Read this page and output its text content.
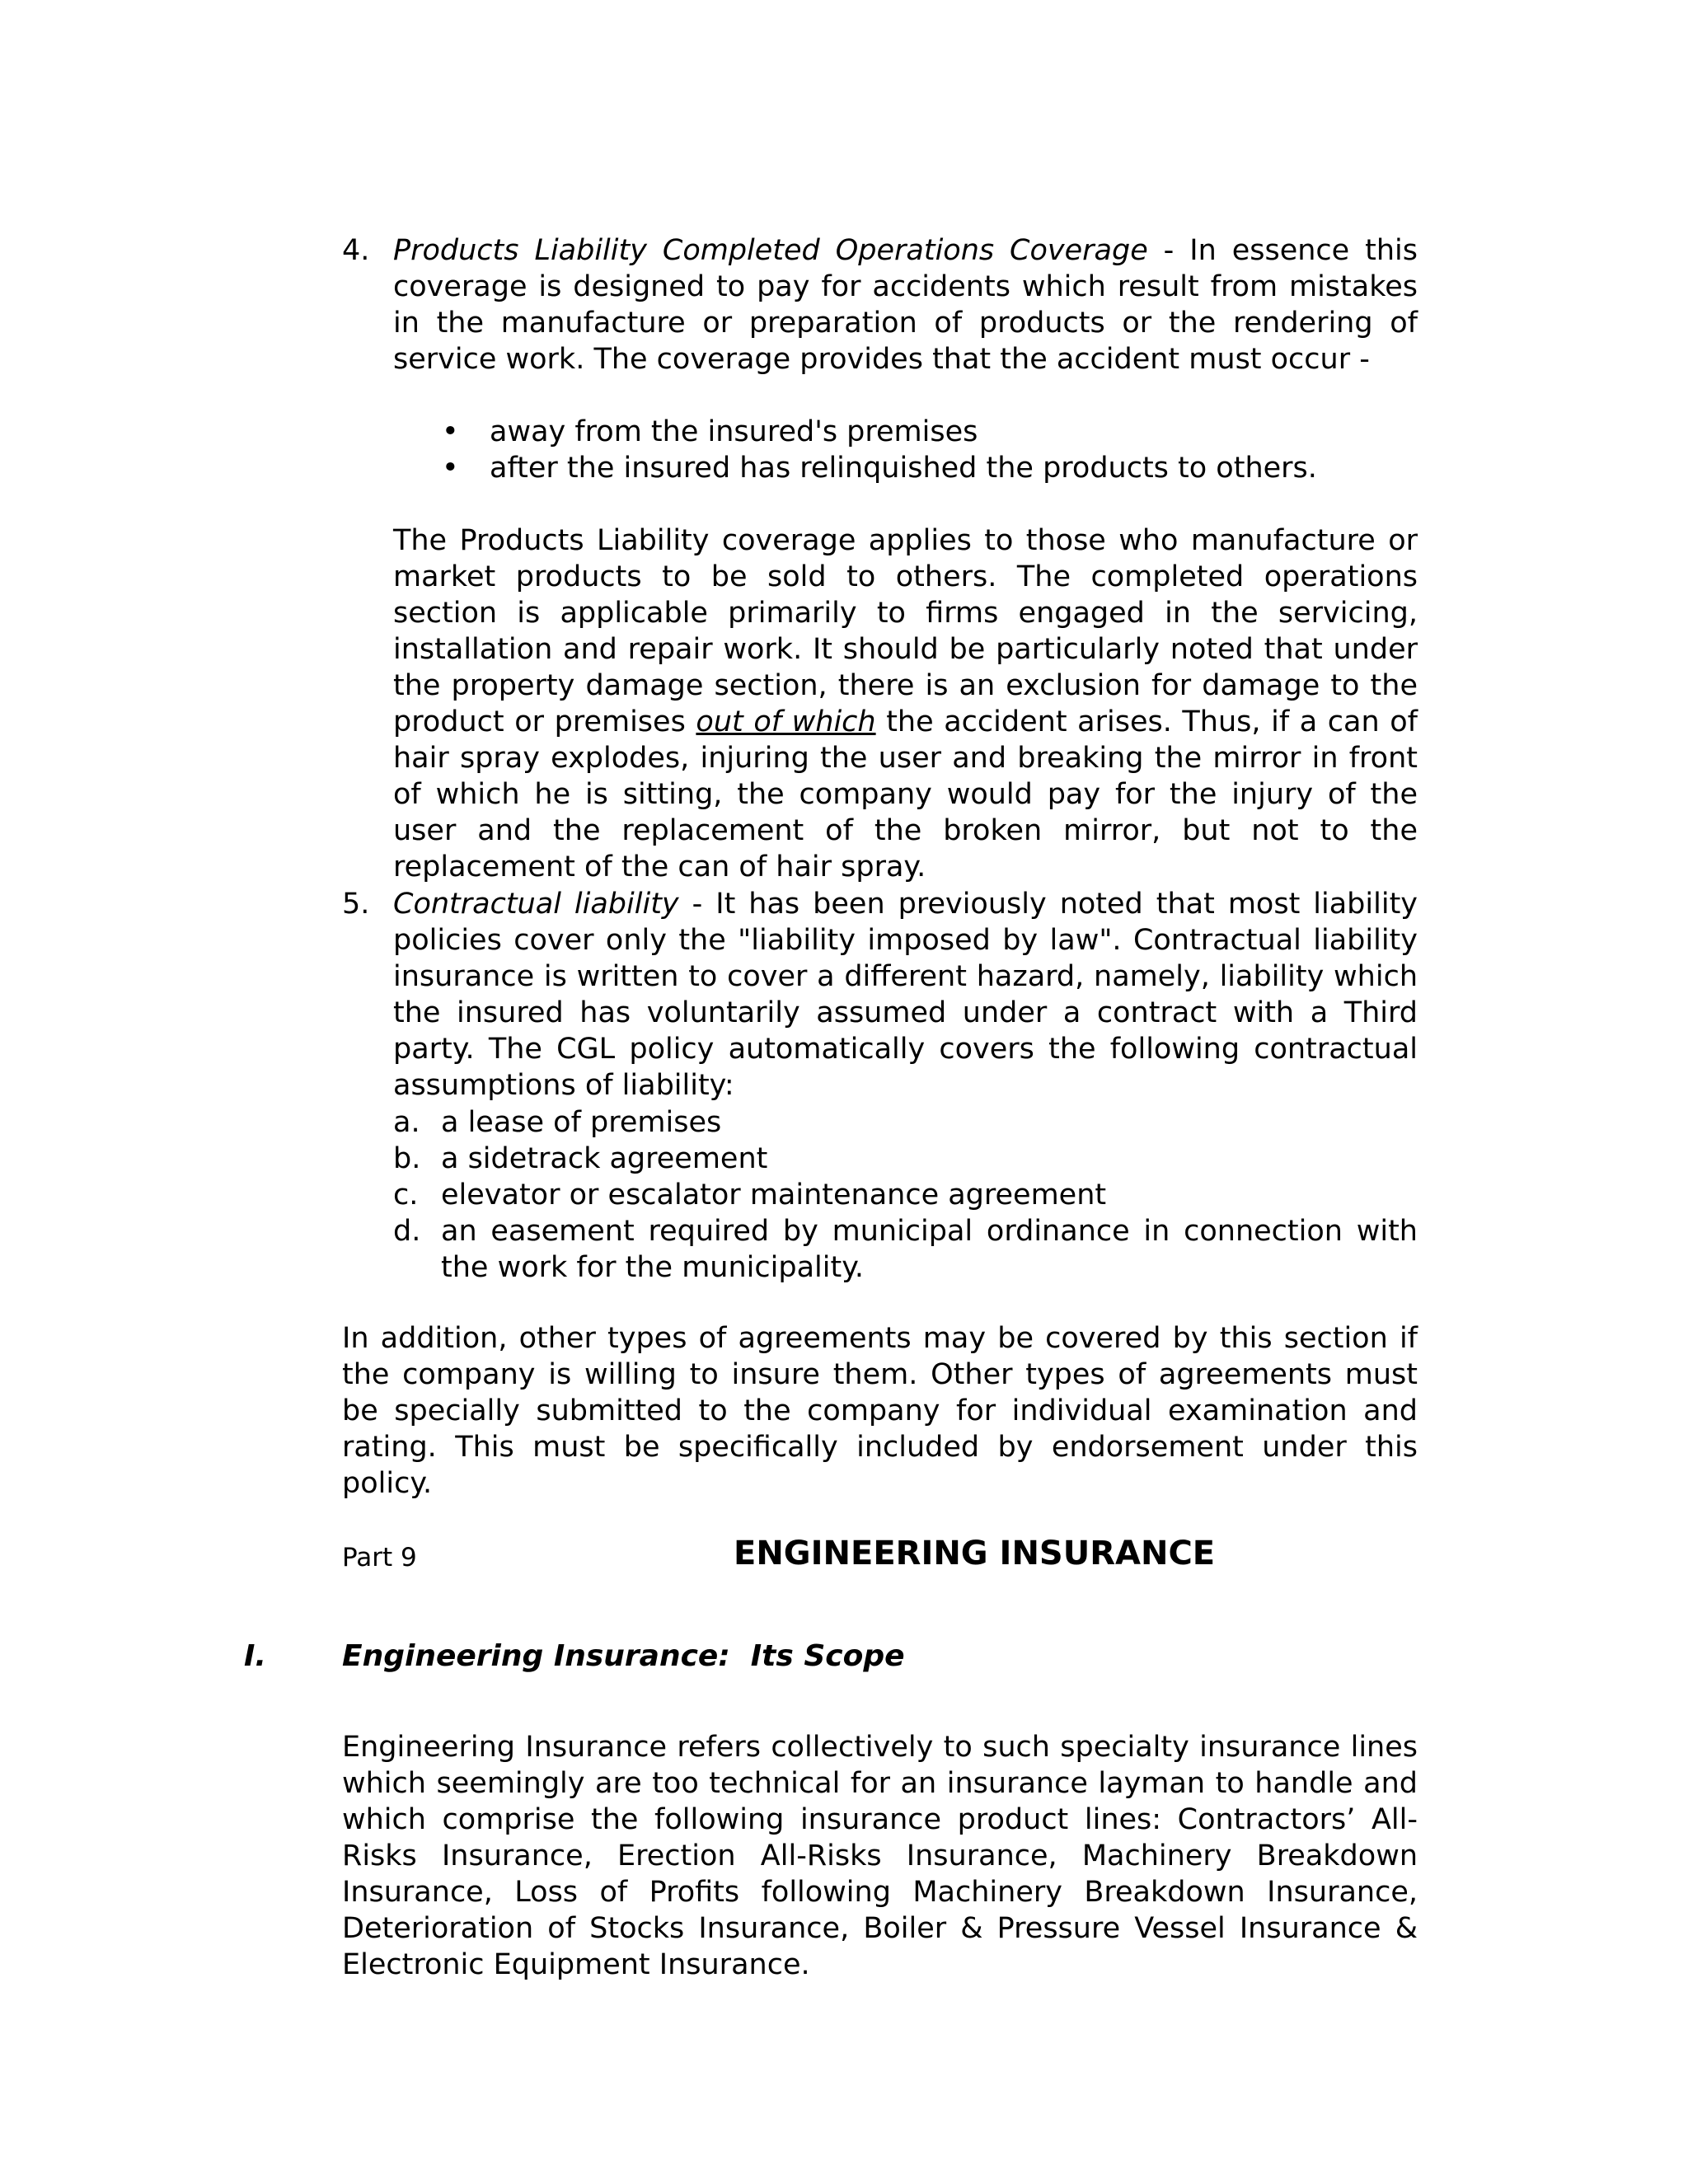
4. Products Liability Completed Operations Coverage - In essence this coverage is designed to pay for accidents which result from mistakes in the manufacture or preparation of products or the rendering of service work. The coverage provides that the accident must occur -
•	away from the insured's premises
•	after the insured has relinquished the products to others.
The Products Liability coverage applies to those who manufacture or market products to be sold to others. The completed operations section is applicable primarily to firms engaged in the servicing, installation and repair work. It should be particularly noted that under the property damage section, there is an exclusion for damage to the product or premises out of which the accident arises. Thus, if a can of hair spray explodes, injuring the user and breaking the mirror in front of which he is sitting, the company would pay for the injury of the user and the replacement of the broken mirror, but not to the replacement of the can of hair spray.
5. Contractual liability - It has been previously noted that most liability policies cover only the "liability imposed by law". Contractual liability insurance is written to cover a different hazard, namely, liability which the insured has voluntarily assumed under a contract with a Third party. The CGL policy automatically covers the following contractual assumptions of liability:
a. a lease of premises
b. a sidetrack agreement
c. elevator or escalator maintenance agreement
d. an easement required by municipal ordinance in connection with the work for the municipality.
In addition, other types of agreements may be covered by this section if the company is willing to insure them. Other types of agreements must be specially submitted to the company for individual examination and rating. This must be specifically included by endorsement under this policy.
Part 9	ENGINEERING INSURANCE
I.	Engineering Insurance:  Its Scope
Engineering Insurance refers collectively to such specialty insurance lines which seemingly are too technical for an insurance layman to handle and which comprise the following insurance product lines: Contractors’ All-Risks Insurance, Erection All-Risks Insurance, Machinery Breakdown Insurance, Loss of Profits following Machinery Breakdown Insurance, Deterioration of Stocks Insurance, Boiler & Pressure Vessel Insurance & Electronic Equipment Insurance.
